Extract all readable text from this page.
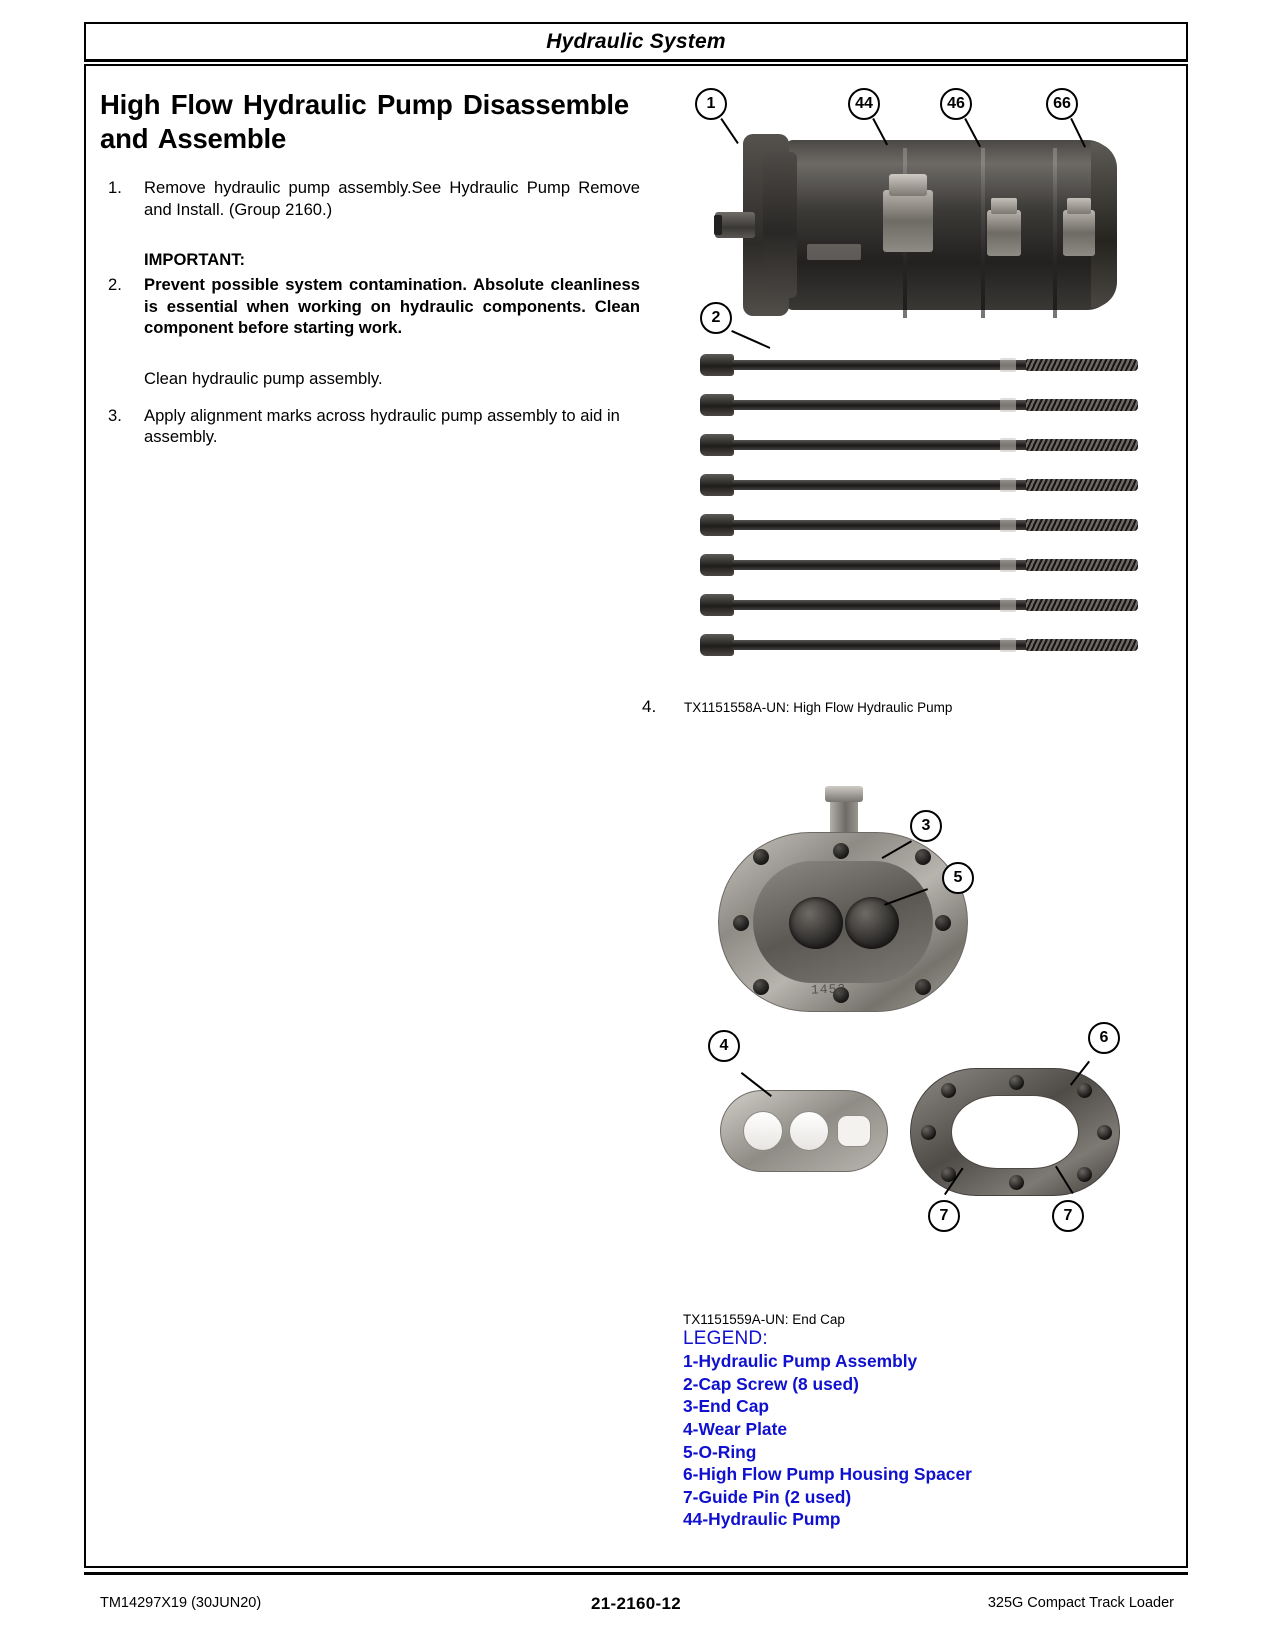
Hydraulic System
High Flow Hydraulic Pump Disassemble and Assemble
1.	Remove hydraulic pump assembly.See Hydraulic Pump Remove and Install. (Group 2160.)
IMPORTANT:
2.	Prevent possible system contamination. Absolute cleanliness is essential when working on hydraulic components. Clean component before starting work.
Clean hydraulic pump assembly.
3.	Apply alignment marks across hydraulic pump assembly to aid in assembly.
1	44	46	66
2
4. TX1151558A-UN: High Flow Hydraulic Pump
3
5
4	6
7	7
1453
TX1151559A-UN: End Cap
LEGEND:
1-Hydraulic Pump Assembly
2-Cap Screw (8 used)
3-End Cap
4-Wear Plate
5-O-Ring
6-High Flow Pump Housing Spacer
7-Guide Pin (2 used)
44-Hydraulic Pump
TM14297X19 (30JUN20)	21-2160-12	325G Compact Track Loader
